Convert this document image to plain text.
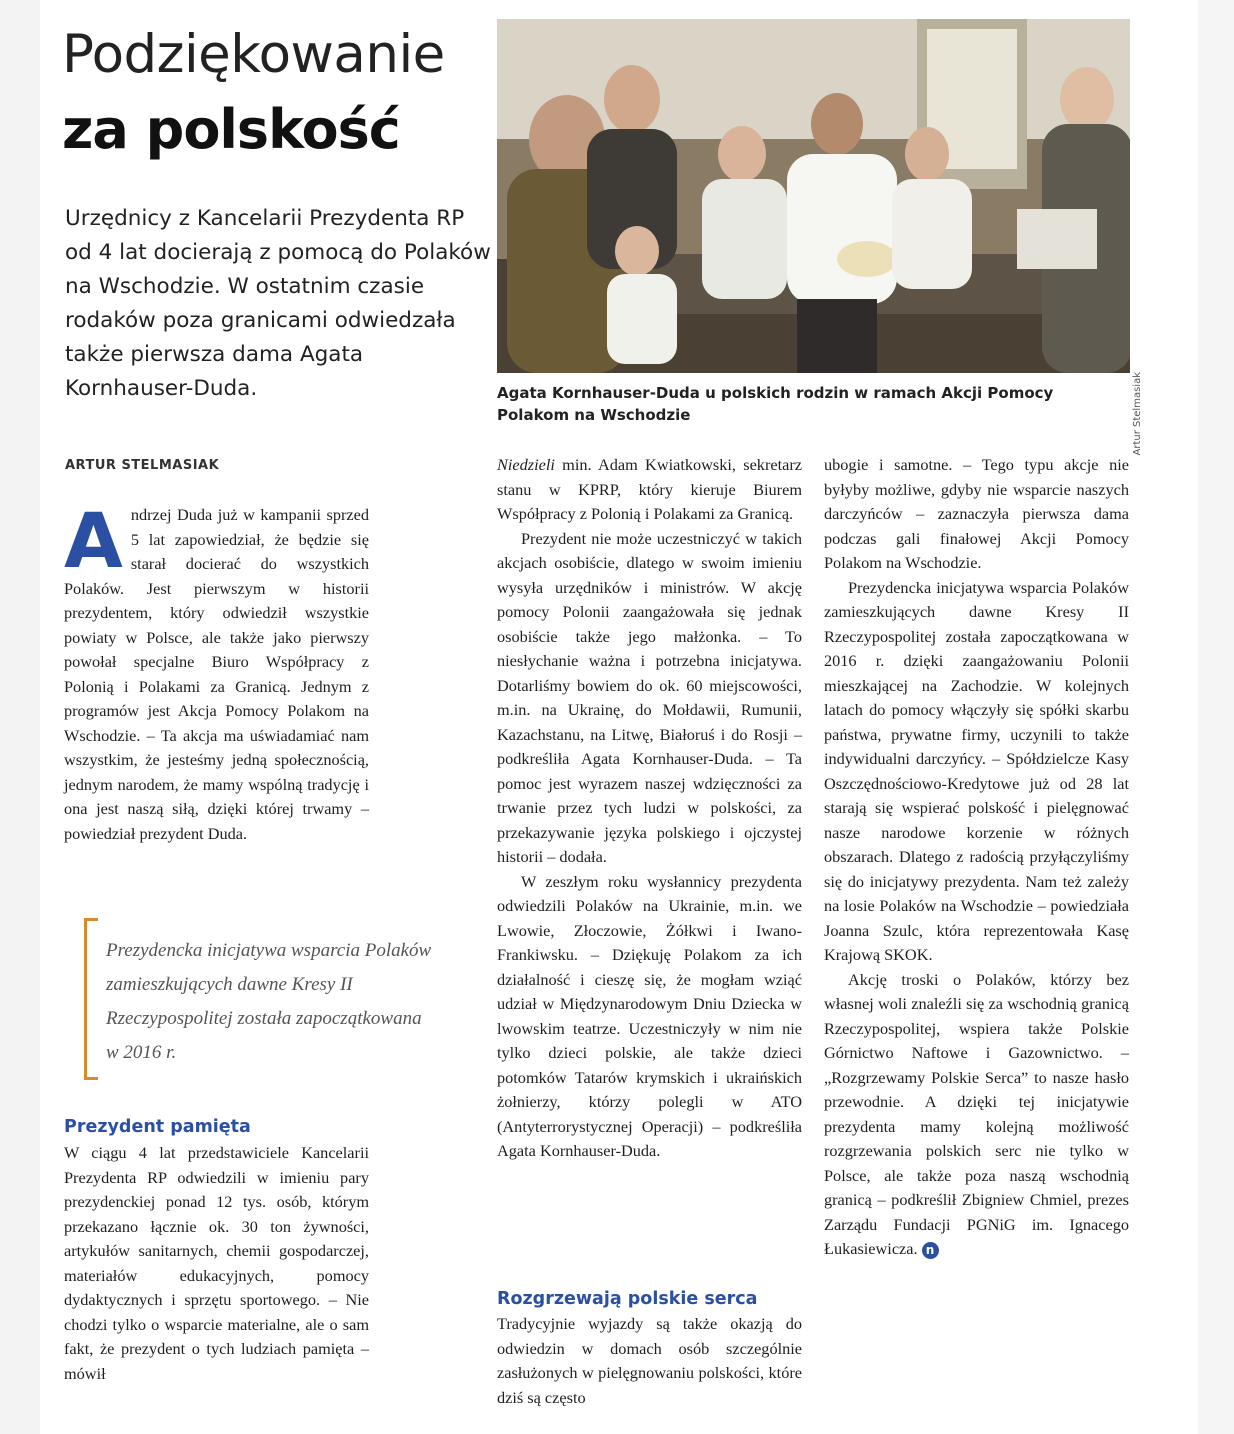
Podziękowanie
za polskość

Urzędnicy z Kancelarii Prezydenta RP od 4 lat docierają z pomocą do Polaków na Wschodzie. W ostatnim czasie rodaków poza granicami odwiedzała także pierwsza dama Agata Kornhauser-Duda.	Artur Stelmasiak

Agata Kornhauser-Duda u polskich rodzin w ramach Akcji Pomocy Polakom na Wschodzie

ARTUR STELMASIAK

Andrzej Duda już w kampanii sprzed 5 lat zapowiedział, że będzie się starał docierać do wszystkich Polaków. Jest pierwszym w historii prezydentem, który odwiedził wszystkie powiaty w Polsce, ale także jako pierwszy powołał specjalne Biuro Współpracy z Polonią i Polakami za Granicą. Jednym z programów jest Akcja Pomocy Polakom na Wschodzie. – Ta akcja ma uświadamiać nam wszystkim, że jesteśmy jedną społecznością, jednym narodem, że mamy wspólną tradycję i ona jest naszą siłą, dzięki której trwamy – powiedział prezydent Duda.

Prezydencka inicjatywa wsparcia Polaków zamieszkujących dawne Kresy II Rzeczypospolitej została zapoczątkowana w 2016 r.
Prezydent pamięta

W ciągu 4 lat przedstawiciele Kancelarii Prezydenta RP odwiedzili w imieniu pary prezydenckiej ponad 12 tys. osób, którym przekazano łącznie ok. 30 ton żywności, artykułów sanitarnych, chemii gospodarczej, materiałów edukacyjnych, pomocy dydaktycznych i sprzętu sportowego. – Nie chodzi tylko o wsparcie materialne, ale o sam fakt, że prezydent o tych ludziach pamięta – mówił

Niedzieli min. Adam Kwiatkowski, sekretarz stanu w KPRP, który kieruje Biurem Współpracy z Polonią i Polakami za Granicą.

Prezydent nie może uczestniczyć w takich akcjach osobiście, dlatego w swoim imieniu wysyła urzędników i ministrów. W akcję pomocy Polonii zaangażowała się jednak osobiście także jego małżonka. – To niesłychanie ważna i potrzebna inicjatywa. Dotarliśmy bowiem do ok. 60 miejscowości, m.in. na Ukrainę, do Mołdawii, Rumunii, Kazachstanu, na Litwę, Białoruś i do Rosji – podkreśliła Agata Kornhauser-Duda. – Ta pomoc jest wyrazem naszej wdzięczności za trwanie przez tych ludzi w polskości, za przekazywanie języka polskiego i ojczystej historii – dodała.

W zeszłym roku wysłannicy prezydenta odwiedzili Polaków na Ukrainie, m.in. we Lwowie, Złoczowie, Żółkwi i Iwano-Frankiwsku. – Dziękuję Polakom za ich działalność i cieszę się, że mogłam wziąć udział w Międzynarodowym Dniu Dziecka w lwowskim teatrze. Uczestniczyły w nim nie tylko dzieci polskie, ale także dzieci potomków Tatarów krymskich i ukraińskich żołnierzy, którzy polegli w ATO (Antyterrorystycznej Operacji) – podkreśliła Agata Kornhauser-Duda.

Rozgrzewają polskie serca

Tradycyjnie wyjazdy są także okazją do odwiedzin w domach osób szczególnie zasłużonych w pielęgnowaniu polskości, które dziś są często

ubogie i samotne. – Tego typu akcje nie byłyby możliwe, gdyby nie wsparcie naszych darczyńców – zaznaczyła pierwsza dama podczas gali finałowej Akcji Pomocy Polakom na Wschodzie.

Prezydencka inicjatywa wsparcia Polaków zamieszkujących dawne Kresy II Rzeczypospolitej została zapoczątkowana w 2016 r. dzięki zaangażowaniu Polonii mieszkającej na Zachodzie. W kolejnych latach do pomocy włączyły się spółki skarbu państwa, prywatne firmy, uczynili to także indywidualni darczyńcy. – Spółdzielcze Kasy Oszczędnościowo-Kredytowe już od 28 lat starają się wspierać polskość i pielęgnować nasze narodowe korzenie w różnych obszarach. Dlatego z radością przyłączyliśmy się do inicjatywy prezydenta. Nam też zależy na losie Polaków na Wschodzie – powiedziała Joanna Szulc, która reprezentowała Kasę Krajową SKOK.

Akcję troski o Polaków, którzy bez własnej woli znaleźli się za wschodnią granicą Rzeczypospolitej, wspiera także Polskie Górnictwo Naftowe i Gazownictwo. – „Rozgrzewamy Polskie Serca” to nasze hasło przewodnie. A dzięki tej inicjatywie prezydenta mamy kolejną możliwość rozgrzewania polskich serc nie tylko w Polsce, ale także poza naszą wschodnią granicą – podkreślił Zbigniew Chmiel, prezes Zarządu Fundacji PGNiG im. Ignacego Łukasiewicza. n
